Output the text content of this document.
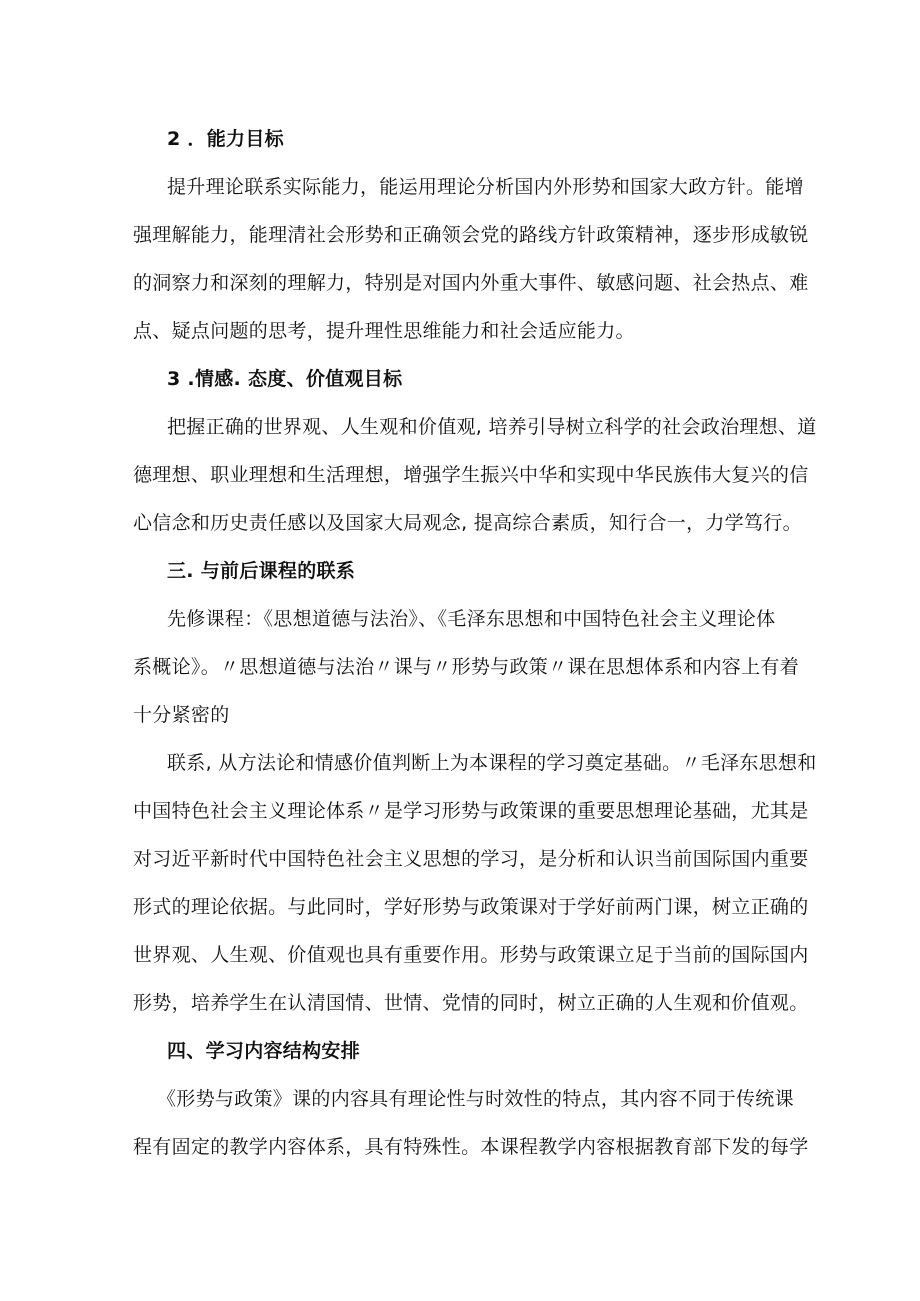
2 ．能力目标
提升理论联系实际能力，能运用理论分析国内外形势和国家大政方针。能增
强理解能力，能理清社会形势和正确领会党的路线方针政策精神，逐步形成敏锐
的洞察力和深刻的理解力，特别是对国内外重大事件、敏感问题、社会热点、难
点、疑点问题的思考，提升理性思维能力和社会适应能力。
3 .情感. 态度、价值观目标
把握正确的世界观、人生观和价值观, 培养引导树立科学的社会政治理想、道
德理想、职业理想和生活理想，增强学生振兴中华和实现中华民族伟大复兴的信
心信念和历史责任感以及国家大局观念, 提高综合素质，知行合一，力学笃行。
三. 与前后课程的联系
先修课程：《思想道德与法治》、《毛泽东思想和中国特色社会主义理论体
系概论》。〃思想道德与法治〃课与〃形势与政策〃课在思想体系和内容上有着
十分紧密的
联系, 从方法论和情感价值判断上为本课程的学习奠定基础。〃毛泽东思想和
中国特色社会主义理论体系〃是学习形势与政策课的重要思想理论基础，尤其是
对习近平新时代中国特色社会主义思想的学习，是分析和认识当前国际国内重要
形式的理论依据。与此同时，学好形势与政策课对于学好前两门课，树立正确的
世界观、人生观、价值观也具有重要作用。形势与政策课立足于当前的国际国内
形势，培养学生在认清国情、世情、党情的同时，树立正确的人生观和价值观。
四、学习内容结构安排
《形势与政策》课的内容具有理论性与时效性的特点，其内容不同于传统课
程有固定的教学内容体系，具有特殊性。本课程教学内容根据教育部下发的每学
